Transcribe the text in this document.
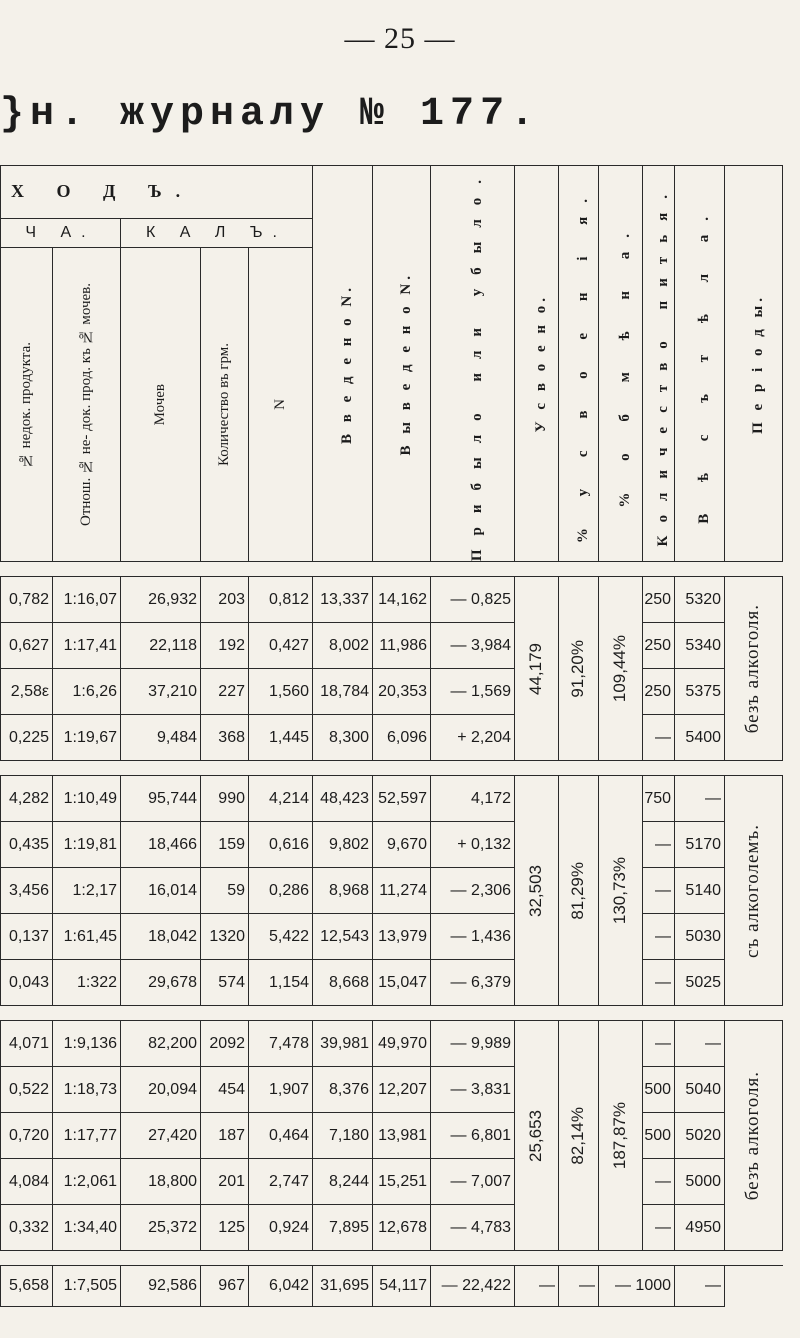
— 25 —
}н. журналу № 177.
Х О Д Ъ.					В в е д е н о N.	В ы в е д е н о N.	Прибыло или убыло.	У с в о е н о.	% у с в о е н і я.	% о б м ѣ н а.	Количество питья.	В ѣ с ъ т ѣ л а.	П е р і о д ы.

Ч А.		К А Л Ъ.											

№ недок. продукта.	Отнош. № не- док. прод. къ № мочев.	Мочев	Количество въ грм.	N									

0,782	1:16,07	26,932	203	0,812	13,337	14,162	— 0,825	44,179	91,20%	109,44%	250	5320	безъ алкоголя.

0,627	1:17,41	22,118	192	0,427	8,002	11,986	— 3,984				250	5340	
2,58ε	1:6,26	37,210	227	1,560	18,784	20,353	— 1,569				250	5375	
0,225	1:19,67	9,484	368	1,445	8,300	6,096	+ 2,204				—	5400	

4,282	1:10,49	95,744	990	4,214	48,423	52,597	4,172	32,503	81,29%	130,73%	750	—	съ алкоголемъ.

0,435	1:19,81	18,466	159	0,616	9,802	9,670	+ 0,132				—	5170	
3,456	1:2,17	16,014	59	0,286	8,968	11,274	— 2,306				—	5140	
0,137	1:61,45	18,042	1320	5,422	12,543	13,979	— 1,436				—	5030	
0,043	1:322	29,678	574	1,154	8,668	15,047	— 6,379				—	5025	

4,071	1:9,136	82,200	2092	7,478	39,981	49,970	— 9,989	25,653	82,14%	187,87%	—	—	безъ алкоголя.

0,522	1:18,73	20,094	454	1,907	8,376	12,207	— 3,831				500	5040	
0,720	1:17,77	27,420	187	0,464	7,180	13,981	— 6,801				500	5020	
4,084	1:2,061	18,800	201	2,747	8,244	15,251	— 7,007				—	5000	
0,332	1:34,40	25,372	125	0,924	7,895	12,678	— 4,783				—	4950	

5,658	1:7,505	92,586	967	6,042	31,695	54,117	— 22,422	—	—	— 1000		—	
